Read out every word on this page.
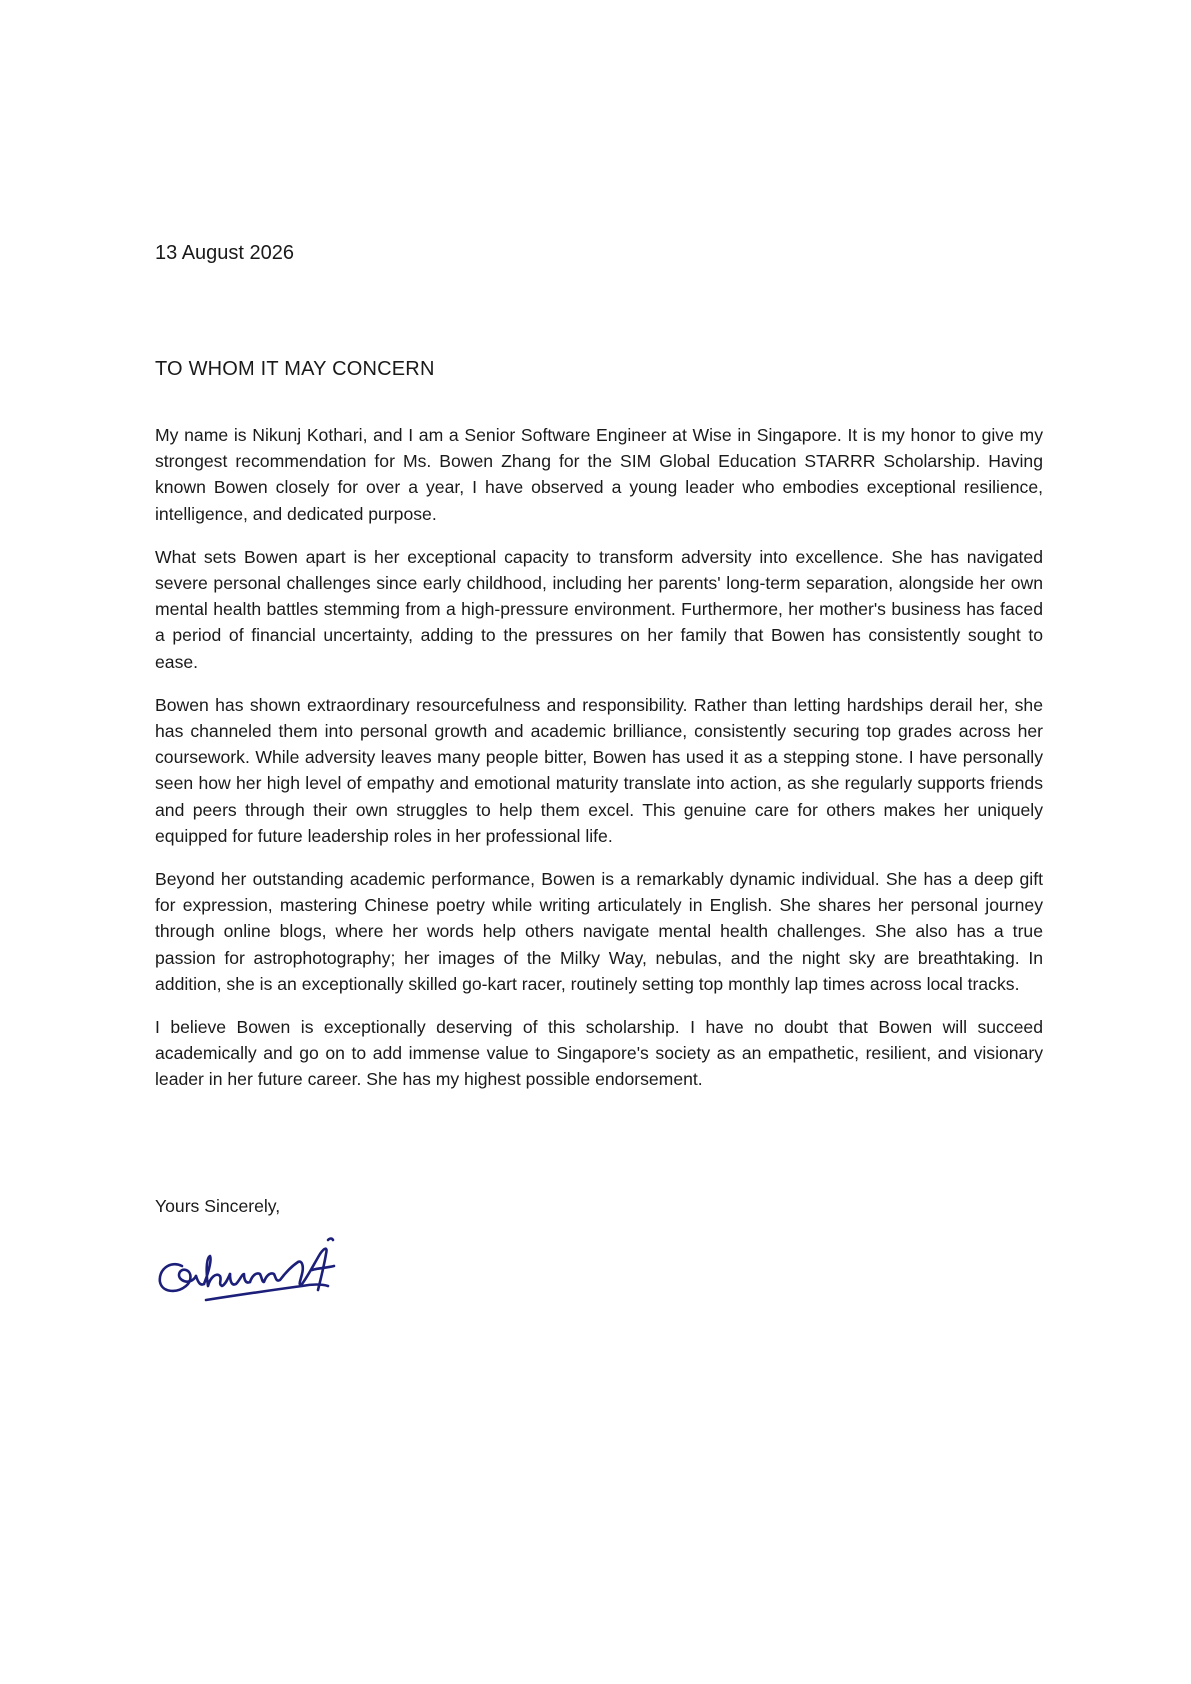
13 August 2026
TO WHOM IT MAY CONCERN

My name is Nikunj Kothari, and I am a Senior Software Engineer at Wise in Singapore. It is my honor to give my strongest recommendation for Ms. Bowen Zhang for the SIM Global Education STARRR Scholarship. Having known Bowen closely for over a year, I have observed a young leader who embodies exceptional resilience, intelligence, and dedicated purpose.

What sets Bowen apart is her exceptional capacity to transform adversity into excellence. She has navigated severe personal challenges since early childhood, including her parents' long-term separation, alongside her own mental health battles stemming from a high-pressure environment. Furthermore, her mother's business has faced a period of financial uncertainty, adding to the pressures on her family that Bowen has consistently sought to ease.

Bowen has shown extraordinary resourcefulness and responsibility. Rather than letting hardships derail her, she has channeled them into personal growth and academic brilliance, consistently securing top grades across her coursework. While adversity leaves many people bitter, Bowen has used it as a stepping stone. I have personally seen how her high level of empathy and emotional maturity translate into action, as she regularly supports friends and peers through their own struggles to help them excel. This genuine care for others makes her uniquely equipped for future leadership roles in her professional life.

Beyond her outstanding academic performance, Bowen is a remarkably dynamic individual. She has a deep gift for expression, mastering Chinese poetry while writing articulately in English. She shares her personal journey through online blogs, where her words help others navigate mental health challenges. She also has a true passion for astrophotography; her images of the Milky Way, nebulas, and the night sky are breathtaking. In addition, she is an exceptionally skilled go-kart racer, routinely setting top monthly lap times across local tracks.

I believe Bowen is exceptionally deserving of this scholarship. I have no doubt that Bowen will succeed academically and go on to add immense value to Singapore's society as an empathetic, resilient, and visionary leader in her future career. She has my highest possible endorsement.

Yours Sincerely,
